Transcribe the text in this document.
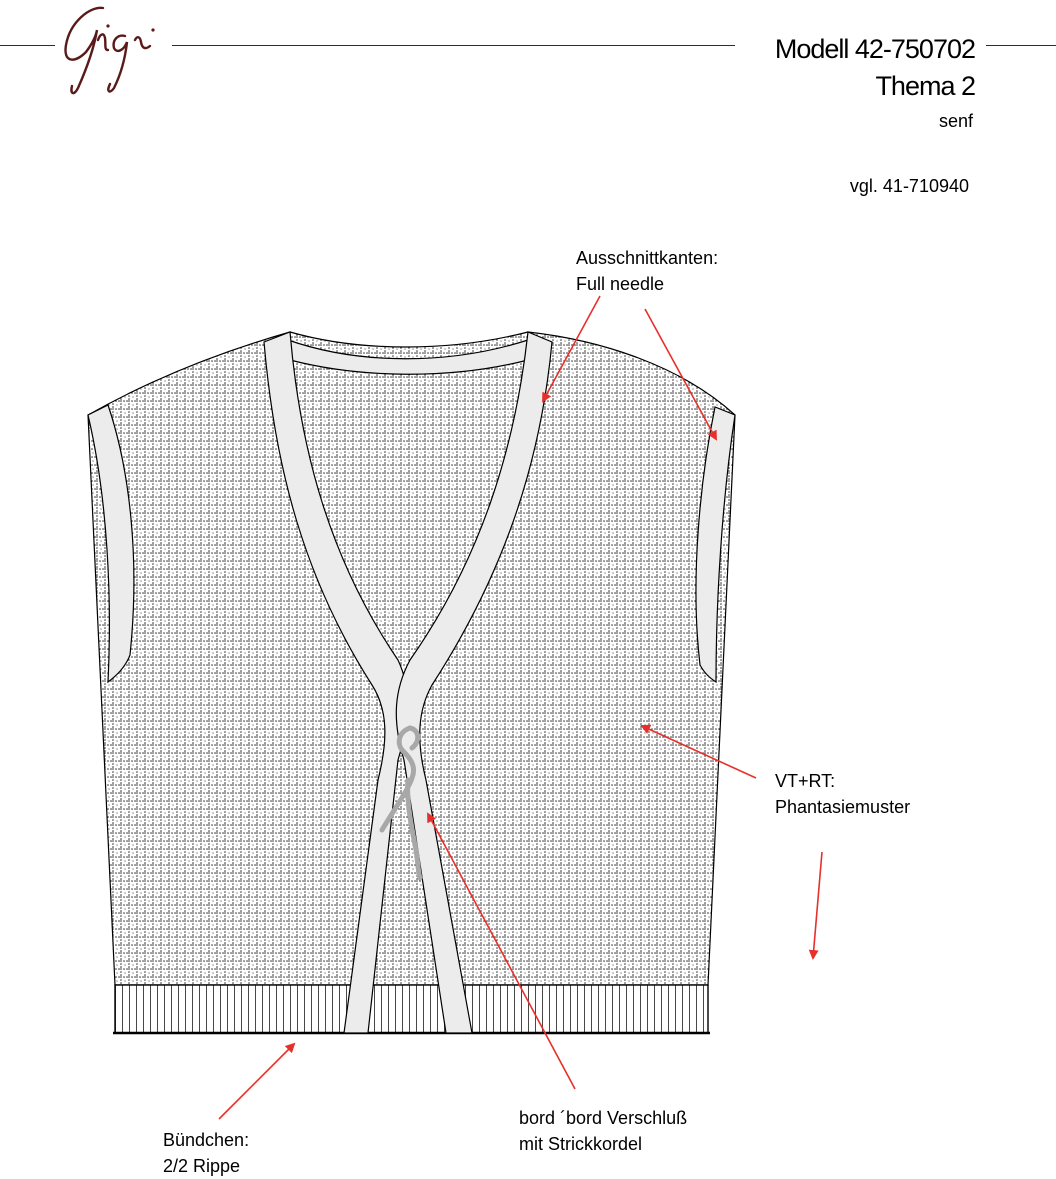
Modell 42-750702
Thema 2
senf
vgl. 41-710940
Ausschnittkanten:
Full needle
VT+RT:
Phantasiemuster
bord ´bord Verschluß
mit Strickkordel
Bündchen:
2/2 Rippe
